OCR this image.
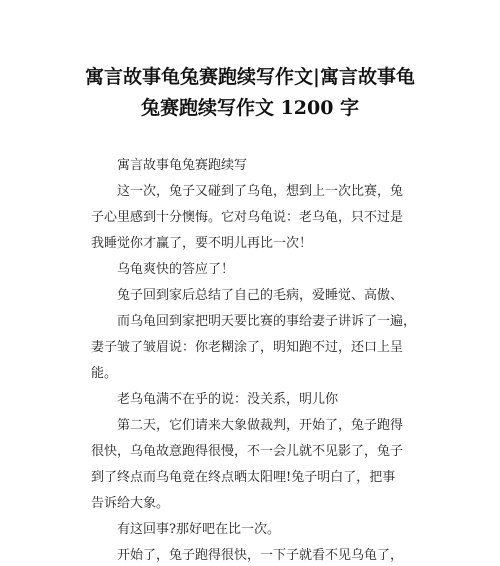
寓言故事龟兔赛跑续写作文|寓言故事龟
兔赛跑续写作文 1200 字
寓言故事龟兔赛跑续写
这一次，兔子又碰到了乌龟，想到上一次比赛，兔
子心里感到十分懊悔。它对乌龟说：老乌龟，只不过是
我睡觉你才赢了，要不明儿再比一次！
乌龟爽快的答应了！
兔子回到家后总结了自己的毛病，爱睡觉、高傲、
而乌龟回到家把明天要比赛的事给妻子讲诉了一遍，
妻子皱了皱眉说：你老糊涂了，明知跑不过，还口上呈
能。
老乌龟满不在乎的说：没关系，明儿你
第二天，它们请来大象做裁判，开始了，兔子跑得
很快，乌龟故意跑得很慢，不一会儿就不见影了，兔子
到了终点而乌龟竟在终点晒太阳哩!兔子明白了，把事
告诉给大象。
有这回事?那好吧在比一次。
开始了，兔子跑得很快，一下子就看不见乌龟了，
